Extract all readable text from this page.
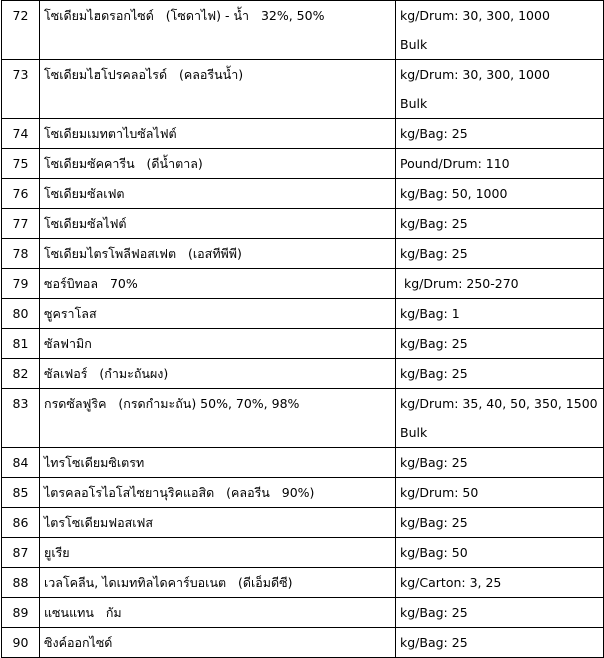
72	โซเดียมไฮดรอกไซด์   (โซดาไฟ) - น้ำ   32%, 50%	kg/Drum: 30, 300, 1000
Bulk

73	โซเดียมไฮโปรคลอไรด์   (คลอรีนน้ำ)	kg/Drum: 30, 300, 1000
Bulk

74	โซเดียมเมทตาไบซัลไฟต์	kg/Bag: 25

75	โซเดียมซัคคารีน   (ดีน้ำตาล)	Pound/Drum: 110

76	โซเดียมซัลเฟต	kg/Bag: 50, 1000

77	โซเดียมซัลไฟต์	kg/Bag: 25

78	โซเดียมไตรโพลีฟอสเฟต   (เอสทีพีพี)	kg/Bag: 25

79	ซอร์บิทอล   70%	kg/Drum: 250-270

80	ซูคราโลส	kg/Bag: 1

81	ซัลฟามิก	kg/Bag: 25

82	ซัลเฟอร์   (กำมะถันผง)	kg/Bag: 25

83	กรดซัลฟูริค   (กรดกำมะถัน) 50%, 70%, 98%	kg/Drum: 35, 40, 50, 350, 1500
Bulk

84	ไทรโซเดียมซิเตรท	kg/Bag: 25

85	ไตรคลอโรไอโสไซยานุริคแอสิด   (คลอรีน   90%)	kg/Drum: 50

86	ไตรโซเดียมฟอสเฟส	kg/Bag: 25

87	ยูเรีย	kg/Bag: 50

88	เวลโคลีน, ไดเมททิลไดคาร์บอเนต   (ดีเอ็มดีซี)	kg/Carton: 3, 25

89	แซนแทน   กัม	kg/Bag: 25

90	ซิงค์ออกไซด์	kg/Bag: 25
